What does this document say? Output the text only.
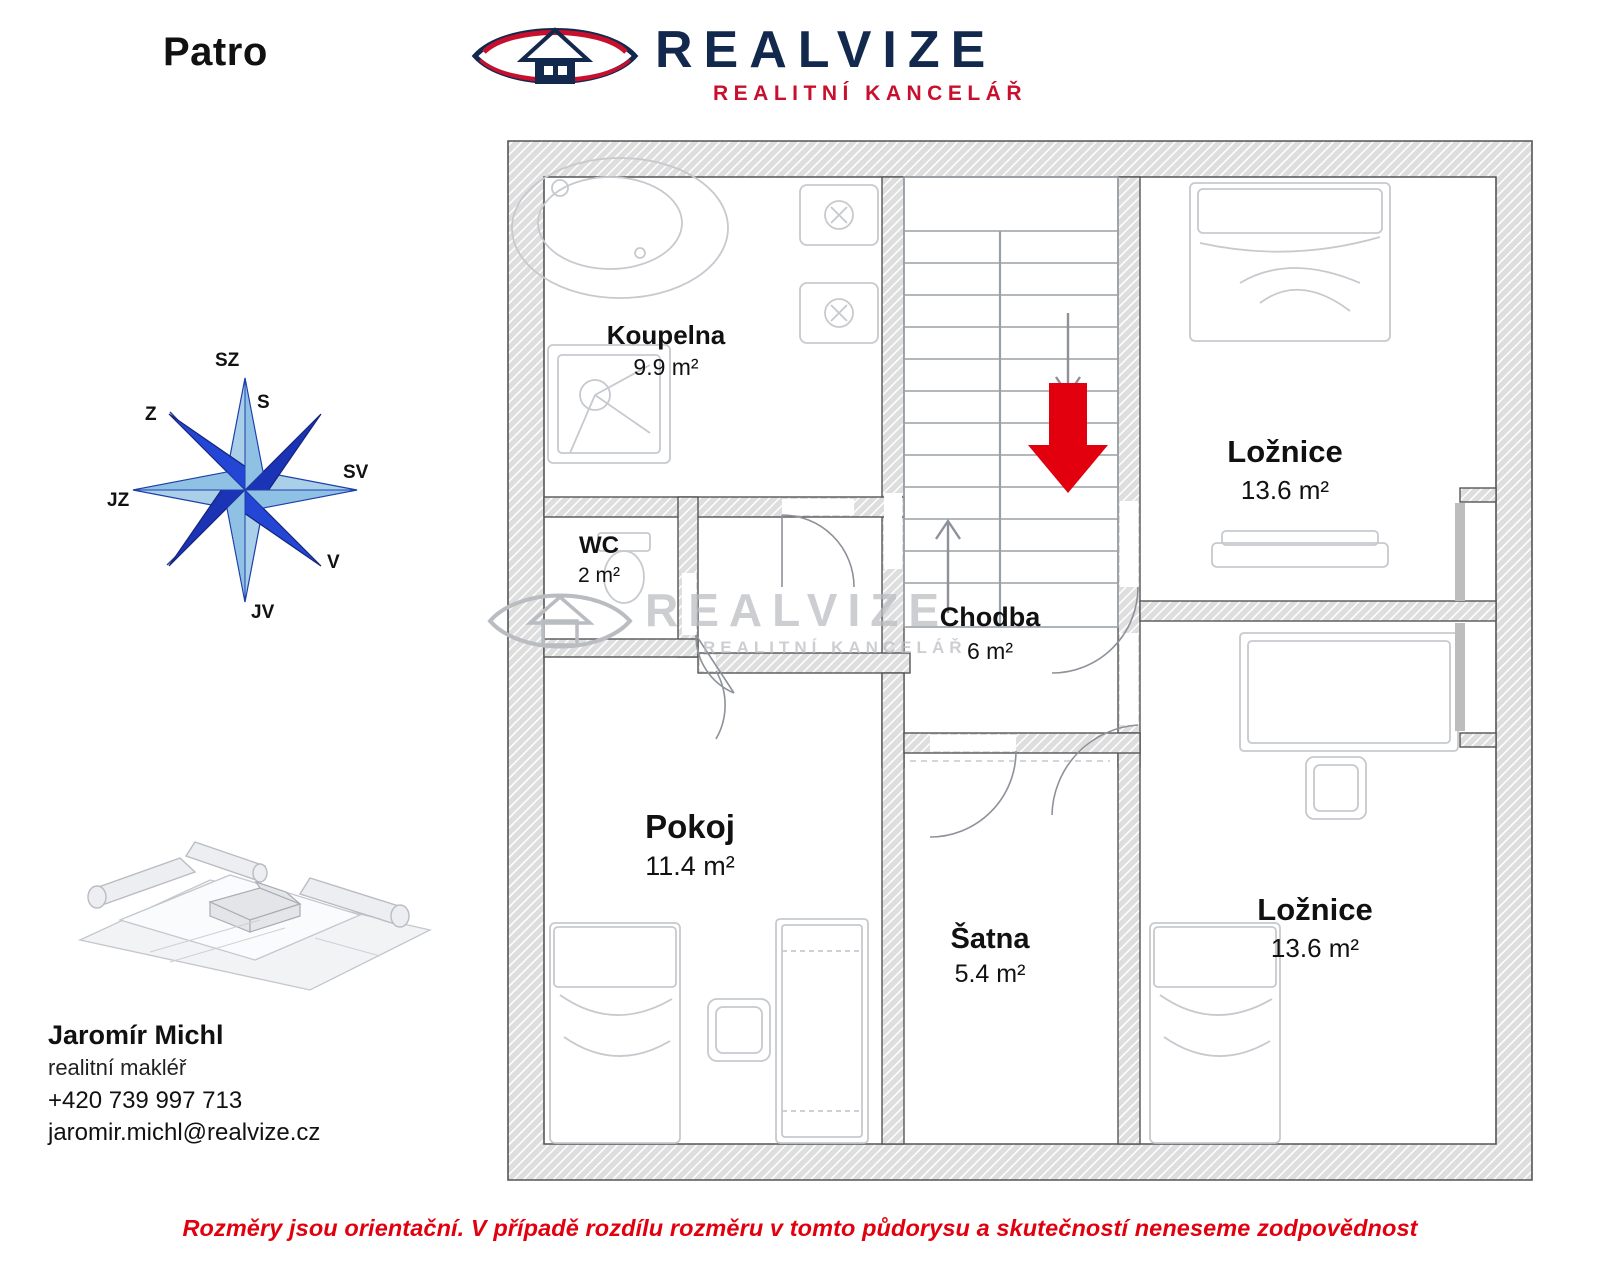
Patro	REALVIZE
REALITNÍ KANCELÁŘ
S
SV
V
JV
JZ
Z
SZ
Jaromír Michl
realitní makléř
+420 739 997 713
jaromir.michl@realvize.cz
Rozměry jsou orientační. V případě rozdílu rozměru v tomto půdorysu a skutečností neneseme zodpovědnost
REALVIZE
REALITNÍ KANCELÁŘ
Koupelna
9.9 m²
WC
2 m²
Chodba
6 m²
Pokoj
11.4 m²
Šatna
5.4 m²
Ložnice
13.6 m²
Ložnice
13.6 m²
